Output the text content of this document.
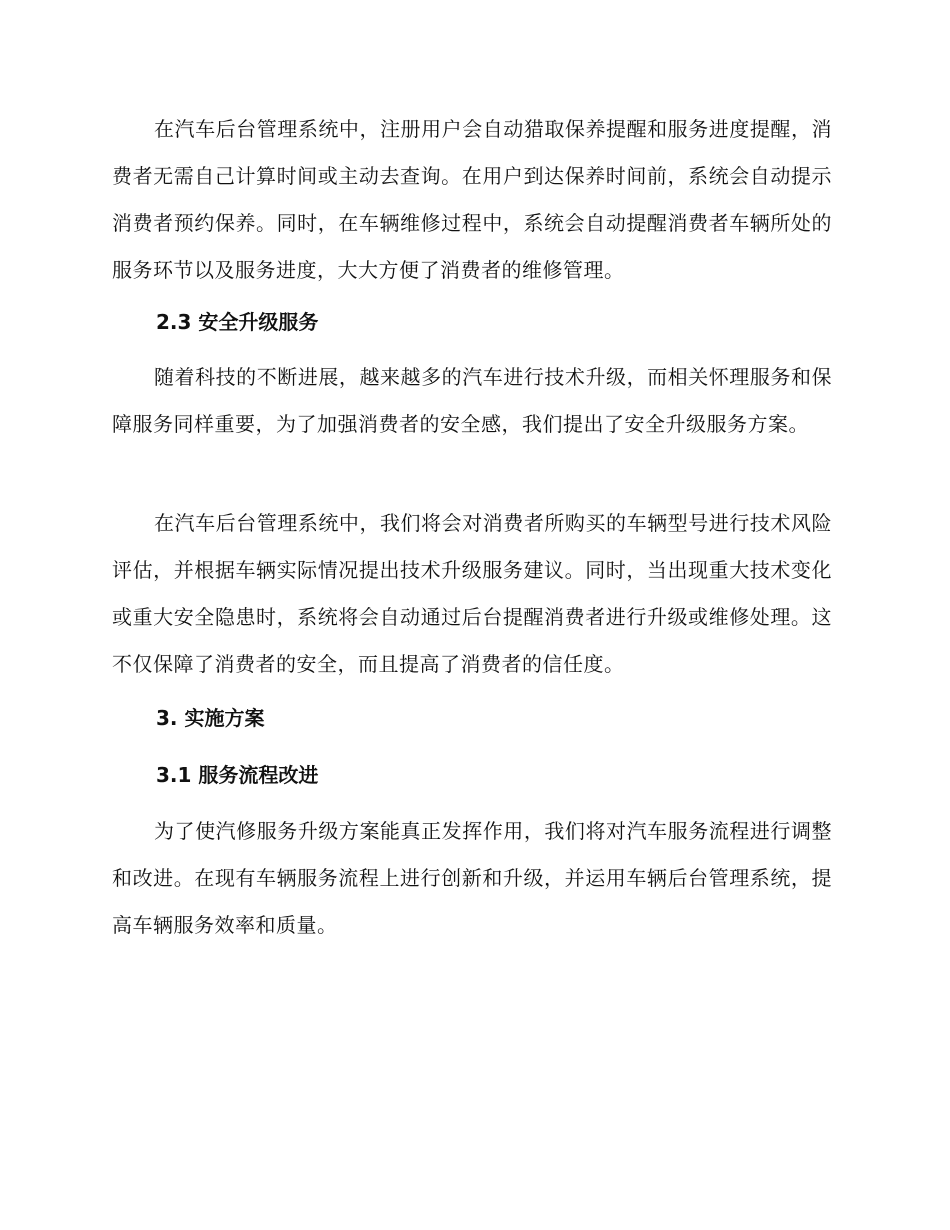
在汽车后台管理系统中，注册用户会自动猎取保养提醒和服务进度提醒，消费者无需自己计算时间或主动去查询。在用户到达保养时间前，系统会自动提示消费者预约保养。同时，在车辆维修过程中，系统会自动提醒消费者车辆所处的服务环节以及服务进度，大大方便了消费者的维修管理。

2.3 安全升级服务

随着科技的不断进展，越来越多的汽车进行技术升级，而相关怀理服务和保障服务同样重要，为了加强消费者的安全感，我们提出了安全升级服务方案。

在汽车后台管理系统中，我们将会对消费者所购买的车辆型号进行技术风险评估，并根据车辆实际情况提出技术升级服务建议。同时，当出现重大技术变化或重大安全隐患时，系统将会自动通过后台提醒消费者进行升级或维修处理。这不仅保障了消费者的安全，而且提高了消费者的信任度。

3. 实施方案
3.1 服务流程改进

为了使汽修服务升级方案能真正发挥作用，我们将对汽车服务流程进行调整和改进。在现有车辆服务流程上进行创新和升级，并运用车辆后台管理系统，提高车辆服务效率和质量。
